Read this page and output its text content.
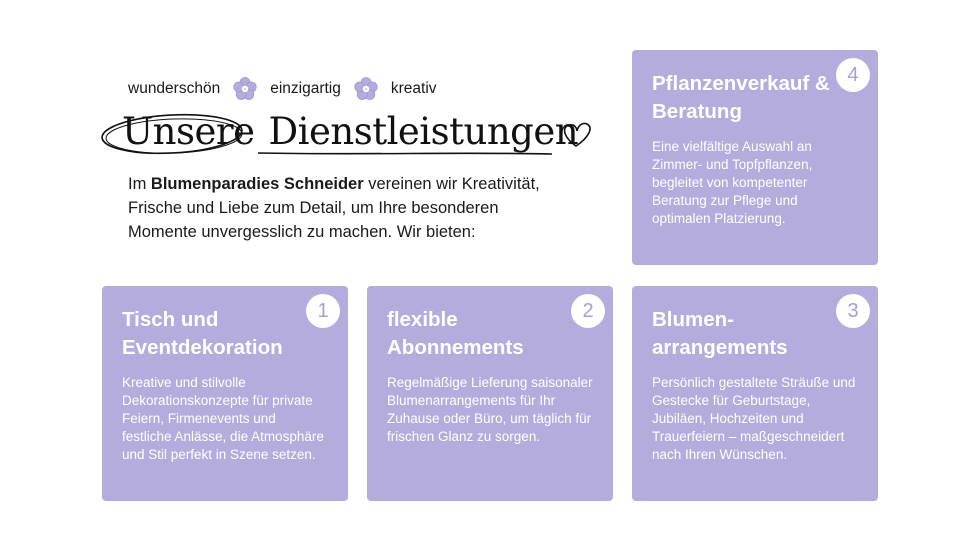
wunderschön	einzigartig	kreativ
Unsere Dienstleistungen

Im Blumenparadies Schneider vereinen wir Kreativität, Frische und Liebe zum Detail, um Ihre besonderen Momente unvergesslich zu machen. Wir bieten:

1
Tisch und Eventdekoration

Kreative und stilvolle Dekorationskonzepte für private Feiern, Firmenevents und festliche Anlässe, die Atmosphäre und Stil perfekt in Szene setzen.

2
flexible Abonnements

Regelmäßige Lieferung saisonaler Blumenarrangements für Ihr Zuhause oder Büro, um täglich für frischen Glanz zu sorgen.

3
Blumen-arrangements

Persönlich gestaltete Sträuße und Gestecke für Geburtstage, Jubiläen, Hochzeiten und Trauerfeiern – maßgeschneidert nach Ihren Wünschen.

4
Pflanzenverkauf & Beratung

Eine vielfältige Auswahl an Zimmer- und Topfpflanzen, begleitet von kompetenter Beratung zur Pflege und optimalen Platzierung.
